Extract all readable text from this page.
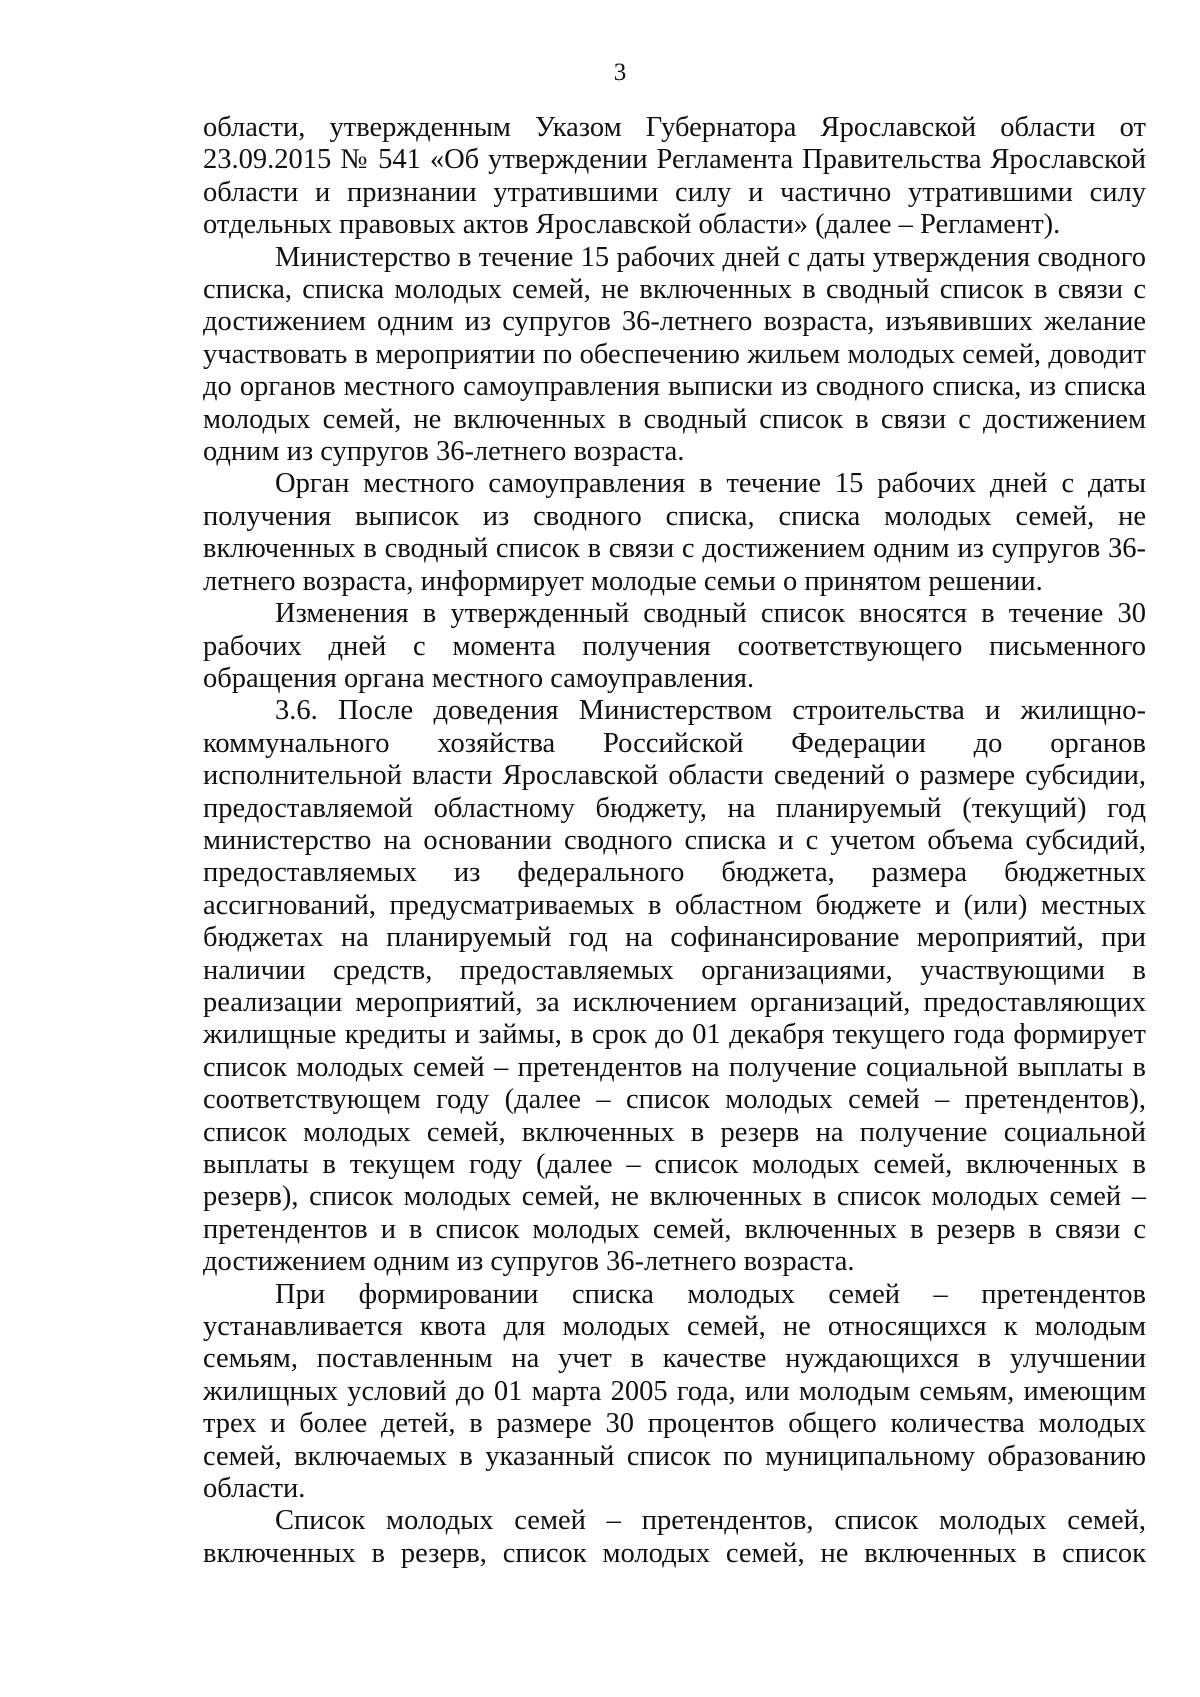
3

области, утвержденным Указом Губернатора Ярославской области от 23.09.2015 № 541 «Об утверждении Регламента Правительства Ярославской области и признании утратившими силу и частично утратившими силу отдельных правовых актов Ярославской области» (далее – Регламент).

Министерство в течение 15 рабочих дней с даты утверждения сводного списка, списка молодых семей, не включенных в сводный список в связи с достижением одним из супругов 36-летнего возраста, изъявивших желание участвовать в мероприятии по обеспечению жильем молодых семей, доводит до органов местного самоуправления выписки из сводного списка, из списка молодых семей, не включенных в сводный список в связи с достижением одним из супругов 36-летнего возраста.

Орган местного самоуправления в течение 15 рабочих дней с даты получения выписок из сводного списка, списка молодых семей, не включенных в сводный список в связи с достижением одним из супругов 36-летнего возраста, информирует молодые семьи о принятом решении.

Изменения в утвержденный сводный список вносятся в течение 30 рабочих дней с момента получения соответствующего письменного обращения органа местного самоуправления.

3.6. После доведения Министерством строительства и жилищно-коммунального хозяйства Российской Федерации до органов исполнительной власти Ярославской области сведений о размере субсидии, предоставляемой областному бюджету, на планируемый (текущий) год министерство на основании сводного списка и с учетом объема субсидий, предоставляемых из федерального бюджета, размера бюджетных ассигнований, предусматриваемых в областном бюджете и (или) местных бюджетах на планируемый год на софинансирование мероприятий, при наличии средств, предоставляемых организациями, участвующими в реализации мероприятий, за исключением организаций, предоставляющих жилищные кредиты и займы, в срок до 01 декабря текущего года формирует список молодых семей – претендентов на получение социальной выплаты в соответствующем году (далее – список молодых семей – претендентов), список молодых семей, включенных в резерв на получение социальной выплаты в текущем году (далее – список молодых семей, включенных в резерв), список молодых семей, не включенных в список молодых семей – претендентов и в список молодых семей, включенных в резерв в связи с достижением одним из супругов 36-летнего возраста.

При формировании списка молодых семей – претендентов устанавливается квота для молодых семей, не относящихся к молодым семьям, поставленным на учет в качестве нуждающихся в улучшении жилищных условий до 01 марта 2005 года, или молодым семьям, имеющим трех и более детей, в размере 30 процентов общего количества молодых семей, включаемых в указанный список по муниципальному образованию области.

Список молодых семей – претендентов, список молодых семей, включенных в резерв, список молодых семей, не включенных в список
